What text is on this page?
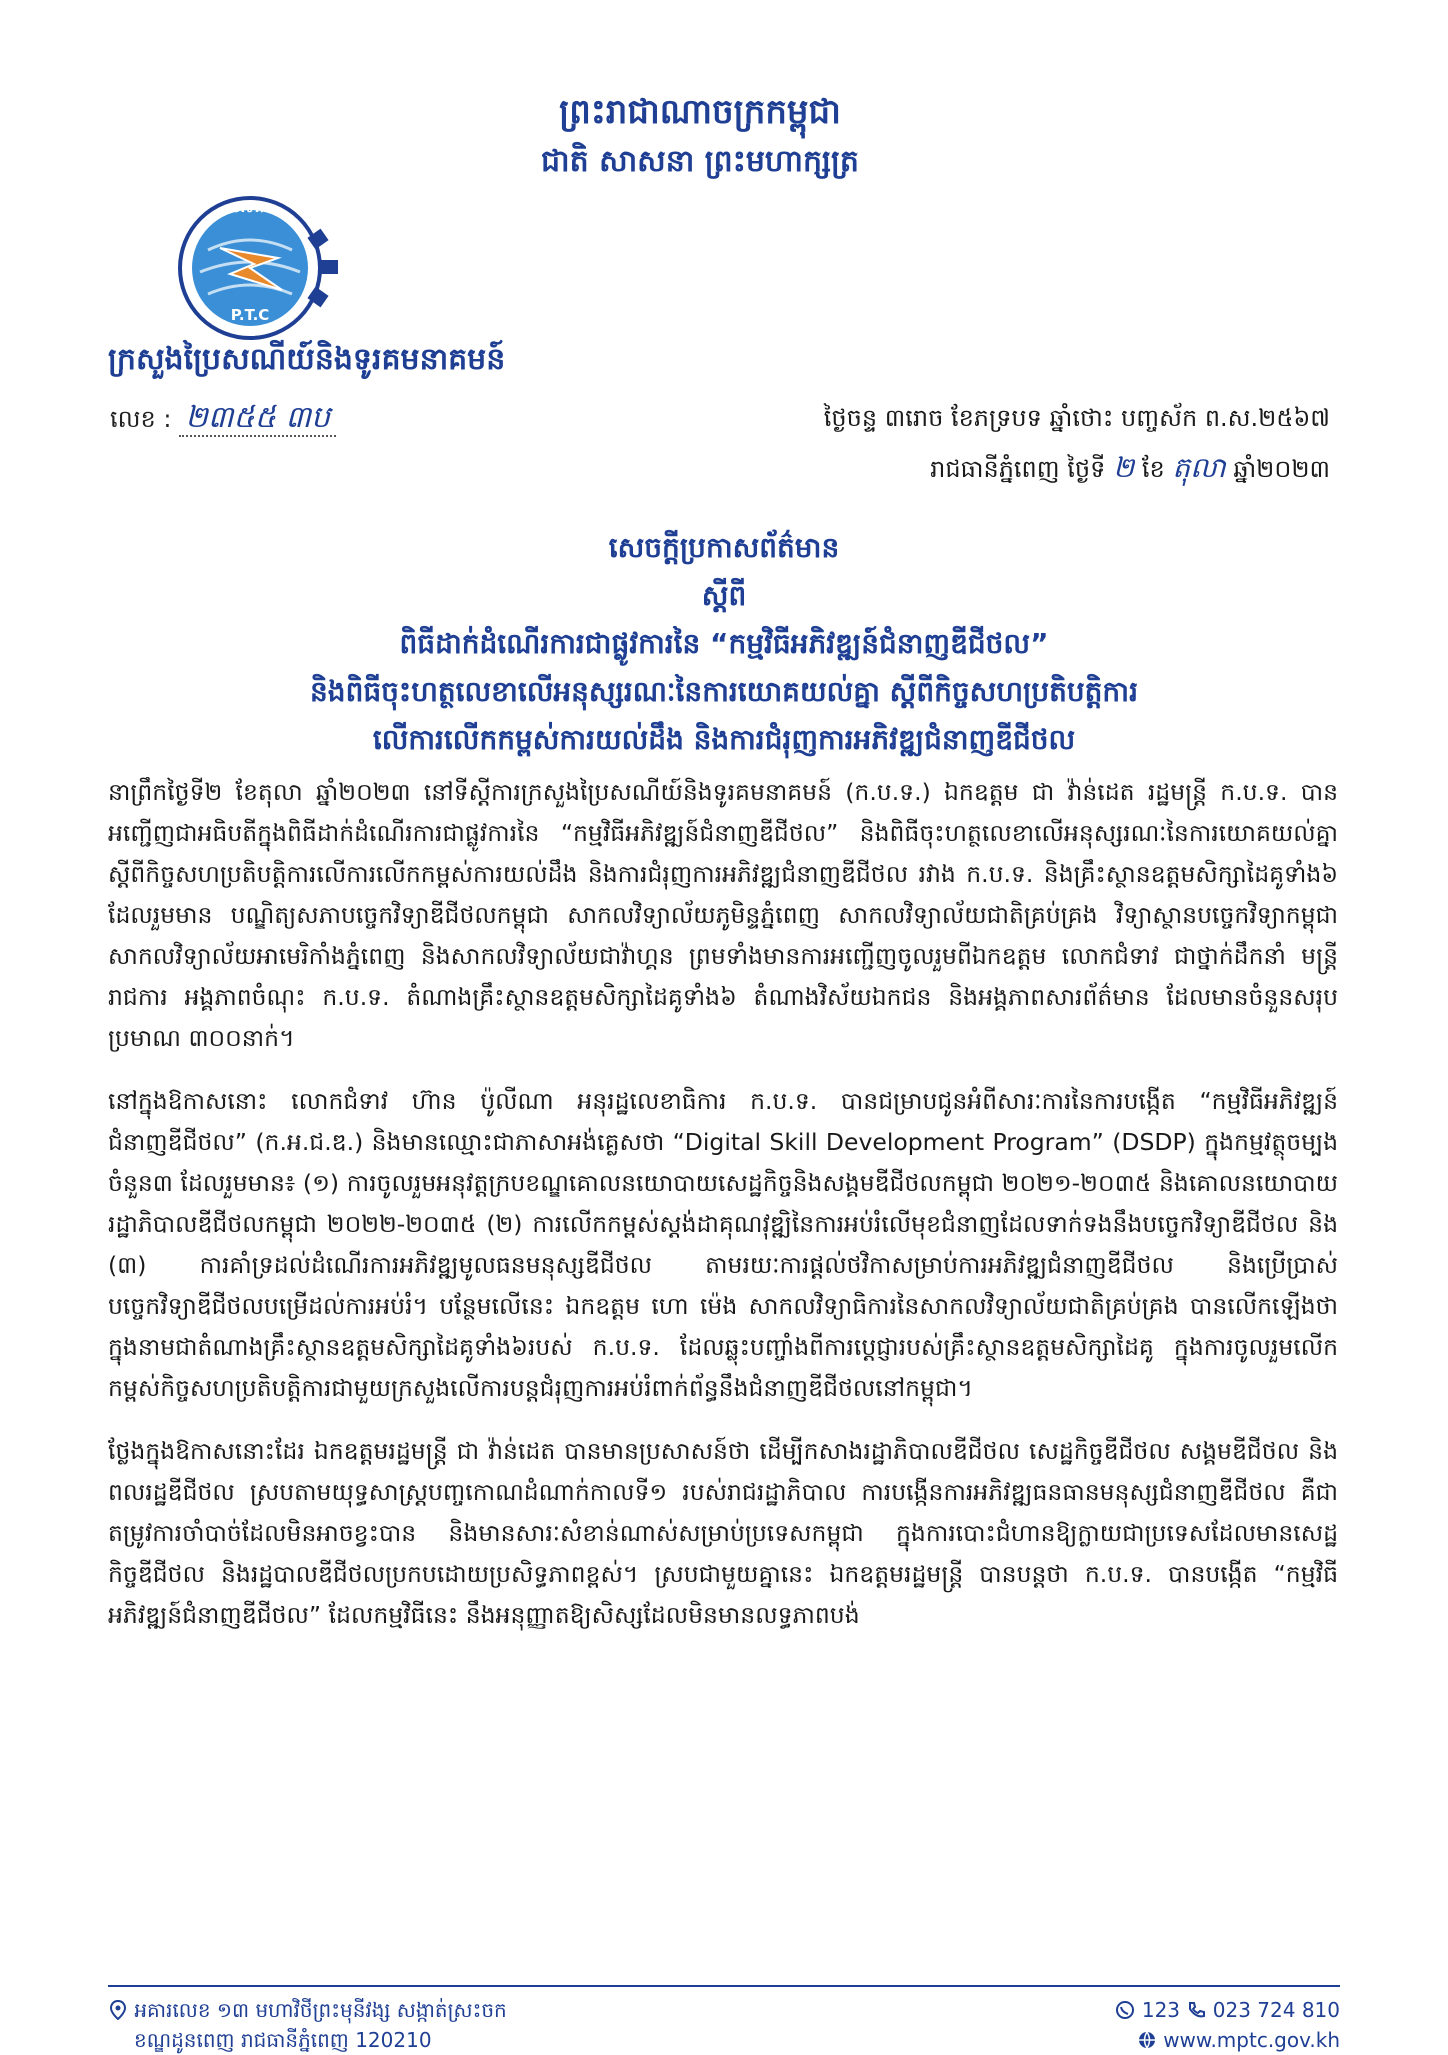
ព្រះរាជាណាចក្រកម្ពុជា
ជាតិ សាសនា ព្រះមហាក្សត្រ
ប.ទ.ក
P.T.C
ក្រសួងប្រៃសណីយ៍និងទូរគមនាគមន៍
លេខ : ២៣៥៥ ៣ប	ថ្ងៃចន្ទ ៣រោច ខែភទ្របទ ឆ្នាំថោះ បញ្ចស័ក ព.ស.២៥៦៧
រាជធានីភ្នំពេញ ថ្ងៃទី ២ ខែ តុលា ឆ្នាំ២០២៣
សេចក្តីប្រកាសព័ត៌មាន
ស្តីពី
ពិធីដាក់ដំណើរការជាផ្លូវការនៃ “កម្មវិធីអភិវឌ្ឍន៍ជំនាញឌីជីថល”
និងពិធីចុះហត្ថលេខាលើអនុស្សរណៈនៃការយោគយល់គ្នា ស្តីពីកិច្ចសហប្រតិបត្តិការ
លើការលើកកម្ពស់ការយល់ដឹង និងការជំរុញការអភិវឌ្ឍជំនាញឌីជីថល

នាព្រឹកថ្ងៃទី២ ខែតុលា ឆ្នាំ២០២៣ នៅទីស្តីការក្រសួងប្រៃសណីយ៍និងទូរគមនាគមន៍ (ក.ប.ទ.) ឯកឧត្តម ជា វ៉ាន់ដេត រដ្ឋមន្ត្រី ក.ប.ទ. បានអញ្ជើញជាអធិបតីក្នុងពិធីដាក់ដំណើរការជាផ្លូវការនៃ “កម្មវិធីអភិវឌ្ឍន៍ជំនាញឌីជីថល” និងពិធីចុះហត្ថលេខាលើអនុស្សរណៈនៃការយោគយល់គ្នា ស្តីពីកិច្ចសហប្រតិបត្តិការលើការលើកកម្ពស់ការយល់ដឹង និងការជំរុញការអភិវឌ្ឍជំនាញឌីជីថល រវាង ក.ប.ទ. និងគ្រឹះស្ថានឧត្តមសិក្សាដៃគូទាំង៦ ដែលរួមមាន បណ្ឌិត្យសភាបច្ចេកវិទ្យាឌីជីថលកម្ពុជា សាកលវិទ្យាល័យភូមិន្ទភ្នំពេញ សាកលវិទ្យាល័យជាតិគ្រប់គ្រង វិទ្យាស្ថានបច្ចេកវិទ្យាកម្ពុជា សាកលវិទ្យាល័យអាមេរិកាំងភ្នំពេញ និងសាកលវិទ្យាល័យជាវ៉ាហ្គន ព្រមទាំងមានការអញ្ជើញចូលរួមពីឯកឧត្តម លោកជំទាវ ជាថ្នាក់ដឹកនាំ មន្ត្រីរាជការ អង្គភាពចំណុះ ក.ប.ទ. តំណាងគ្រឹះស្ថានឧត្តមសិក្សាដៃគូទាំង៦ តំណាងវិស័យឯកជន និងអង្គភាពសារព័ត៌មាន ដែលមានចំនួនសរុបប្រមាណ ៣០០នាក់។

នៅក្នុងឱកាសនោះ លោកជំទាវ ហ៊ាន ប៉ូលីណា អនុរដ្ឋលេខាធិការ ក.ប.ទ. បានជម្រាបជូនអំពីសារៈការនៃការបង្កើត “កម្មវិធីអភិវឌ្ឍន៍ជំនាញឌីជីថល” (ក.អ.ជ.ឌ.) និងមានឈ្មោះជាភាសាអង់គ្លេសថា “Digital Skill Development Program” (DSDP) ក្នុងកម្មវត្ថុចម្បងចំនួន៣ ដែលរួមមាន៖ (១) ការចូលរួមអនុវត្តក្របខណ្ឌគោលនយោបាយសេដ្ឋកិច្ចនិងសង្គមឌីជីថលកម្ពុជា ២០២១-២០៣៥ និងគោលនយោបាយរដ្ឋាភិបាលឌីជីថលកម្ពុជា ២០២២-២០៣៥ (២) ការលើកកម្ពស់ស្តង់ដាគុណវុឌ្ឍិនៃការអប់រំលើមុខជំនាញដែលទាក់ទងនឹងបច្ចេកវិទ្យាឌីជីថល និង (៣) ការគាំទ្រដល់ដំណើរការអភិវឌ្ឍមូលធនមនុស្សឌីជីថល តាមរយៈការផ្តល់ថវិកាសម្រាប់ការអភិវឌ្ឍជំនាញឌីជីថល និងប្រើប្រាស់បច្ចេកវិទ្យាឌីជីថលបម្រើដល់ការអប់រំ។ បន្ថែមលើនេះ ឯកឧត្តម ហោ ម៉េង សាកលវិទ្យាធិការនៃសាកលវិទ្យាល័យជាតិគ្រប់គ្រង បានលើកឡើងថា ក្នុងនាមជាតំណាងគ្រឹះស្ថានឧត្តមសិក្សាដៃគូទាំង៦របស់ ក.ប.ទ. ដែលឆ្លុះបញ្ចាំងពីការប្តេជ្ញារបស់គ្រឹះស្ថានឧត្តមសិក្សាដៃគូ ក្នុងការចូលរួមលើកកម្ពស់កិច្ចសហប្រតិបត្តិការជាមួយក្រសួងលើការបន្តជំរុញការអប់រំពាក់ព័ន្ធនឹងជំនាញឌីជីថលនៅកម្ពុជា។

ថ្លែងក្នុងឱកាសនោះដែរ ឯកឧត្តមរដ្ឋមន្ត្រី ជា វ៉ាន់ដេត បានមានប្រសាសន៍ថា ដើម្បីកសាងរដ្ឋាភិបាលឌីជីថល សេដ្ឋកិច្ចឌីជីថល សង្គមឌីជីថល និងពលរដ្ឋឌីជីថល ស្របតាមយុទ្ធសាស្ត្របញ្ចកោណដំណាក់កាលទី១ របស់រាជរដ្ឋាភិបាល ការបង្កើនការអភិវឌ្ឍធនធានមនុស្សជំនាញឌីជីថល គឺជាតម្រូវការចាំបាច់ដែលមិនអាចខ្វះបាន និងមានសារៈសំខាន់ណាស់សម្រាប់ប្រទេសកម្ពុជា ក្នុងការបោះជំហានឱ្យក្លាយជាប្រទេសដែលមានសេដ្ឋកិច្ចឌីជីថល និងរដ្ឋបាលឌីជីថលប្រកបដោយប្រសិទ្ធភាពខ្ពស់។ ស្របជាមួយគ្នានេះ ឯកឧត្តមរដ្ឋមន្ត្រី បានបន្តថា ក.ប.ទ. បានបង្កើត “កម្មវិធីអភិវឌ្ឍន៍ជំនាញឌីជីថល” ដែលកម្មវិធីនេះ នឹងអនុញ្ញាតឱ្យសិស្សដែលមិនមានលទ្ធភាពបង់

អគារលេខ ១៣ មហាវិថីព្រះមុនីវង្ស សង្កាត់ស្រះចក
ខណ្ឌដូនពេញ រាជធានីភ្នំពេញ 120210
123 023 724 810
www.mptc.gov.kh
